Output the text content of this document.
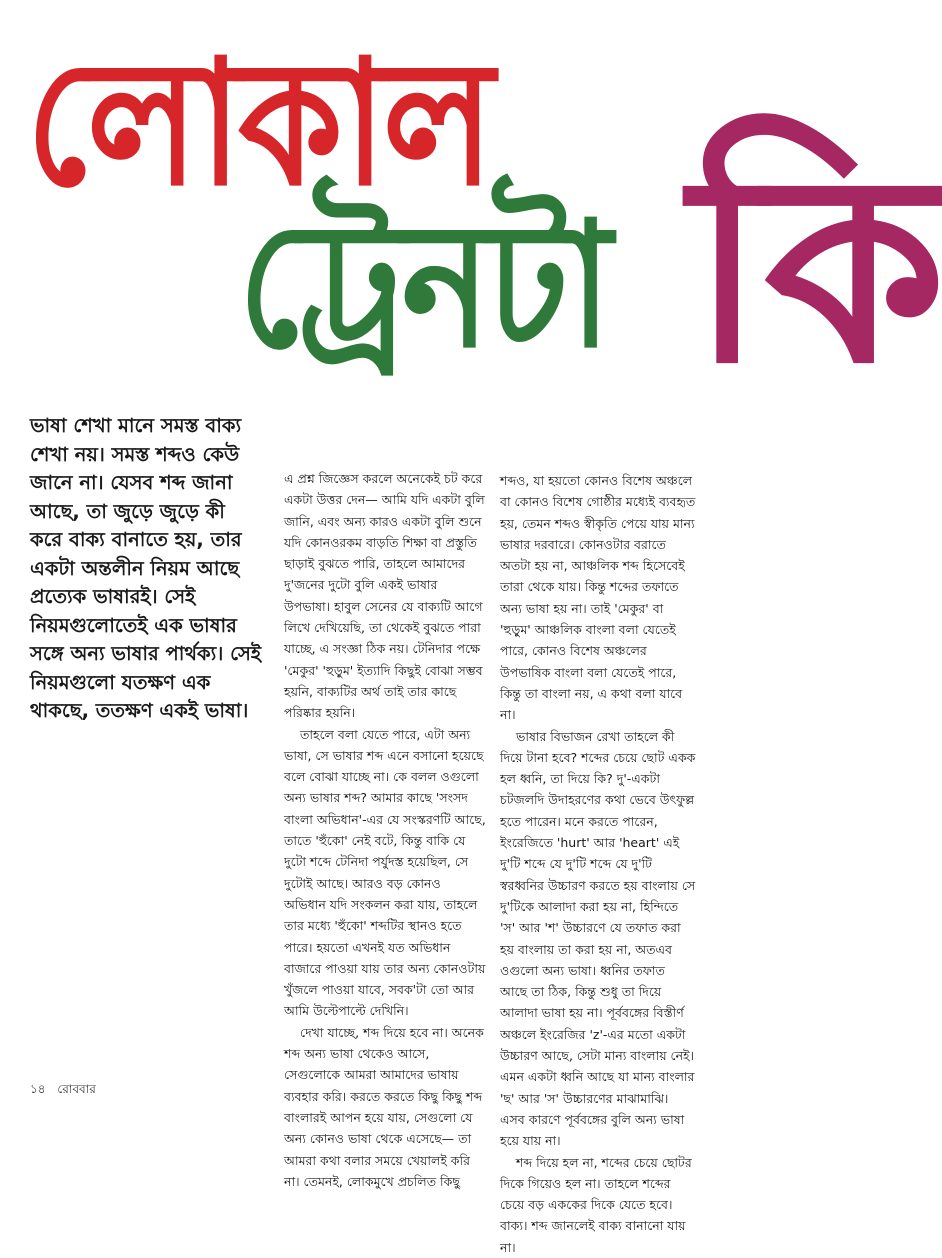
লোকাল
ট্রেনটা কি
ভাষা শেখা মানে সমস্ত বাক্য শেখা নয়। সমস্ত শব্দও কেউ জানে না। যেসব শব্দ জানা আছে, তা জুড়ে জুড়ে কী করে বাক্য বানাতে হয়, তার একটা অন্তলীন নিয়ম আছে প্রত্যেক ভাষারই। সেই নিয়মগুলোতেই এক ভাষার সঙ্গে অন্য ভাষার পার্থক্য। সেই নিয়মগুলো যতক্ষণ এক থাকছে, ততক্ষণ একই ভাষা।

এ প্রশ্ন জিজ্ঞেস করলে অনেকেই চট করে একটা উত্তর দেন— আমি যদি একটা বুলি জানি, এবং অন্য কারও একটা বুলি শুনে যদি কোনওরকম বাড়তি শিক্ষা বা প্রস্তুতি ছাড়াই বুঝতে পারি, তাহলে আমাদের দু'জনের দুটো বুলি একই ভাষার উপভাষা। হাবুল সেনের যে বাক্যটি আগে লিখে দেখিয়েছি, তা থেকেই বুঝতে পারা যাচ্ছে, এ সংজ্ঞা ঠিক নয়। টেনিদার পক্ষে 'মেকুর' 'হুড়ুম' ইত্যাদি কিছুই বোঝা সম্ভব হয়নি, বাক্যটির অর্থ তাই তার কাছে পরিষ্কার হয়নি।

তাহলে বলা যেতে পারে, এটা অন্য ভাষা, সে ভাষার শব্দ এনে বসানো হয়েছে বলে বোঝা যাচ্ছে না। কে বলল ওগুলো অন্য ভাষার শব্দ? আমার কাছে 'সংসদ বাংলা অভিধান'-এর যে সংস্করণটি আছে, তাতে 'হুঁকো' নেই বটে, কিন্তু বাকি যে দুটো শব্দে টেনিদা পর্যুদস্ত হয়েছিল, সে দুটোই আছে। আরও বড় কোনও অভিধান যদি সংকলন করা যায়, তাহলে তার মধ্যে 'হুঁকো' শব্দটির স্থানও হতে পারে। হয়তো এখনই যত অভিধান বাজারে পাওয়া যায় তার অন্য কোনওটায় খুঁজলে পাওয়া যাবে, সবক'টা তো আর আমি উল্টেপাল্টে দেখিনি।

দেখা যাচ্ছে, শব্দ দিয়ে হবে না। অনেক শব্দ অন্য ভাষা থেকেও আসে, সেগুলোকে আমরা আমাদের ভাষায় ব্যবহার করি। করতে করতে কিছু কিছু শব্দ বাংলারই আপন হয়ে যায়, সেগুলো যে অন্য কোনও ভাষা থেকে এসেছে— তা আমরা কথা বলার সময়ে খেয়ালই করি না। তেমনই, লোকমুখে প্রচলিত কিছু

শব্দও, যা হয়তো কোনও বিশেষ অঞ্চলে বা কোনও বিশেষ গোষ্ঠীর মধ্যেই ব্যবহৃত হয়, তেমন শব্দও স্বীকৃতি পেয়ে যায় মান্য ভাষার দরবারে। কোনওটার বরাতে অতটা হয় না, আঞ্চলিক শব্দ হিসেবেই তারা থেকে যায়। কিন্তু শব্দের তফাতে অন্য ভাষা হয় না। তাই 'মেকুর' বা 'হুড়ুম' আঞ্চলিক বাংলা বলা যেতেই পারে, কোনও বিশেষ অঞ্চলের উপভাষিক বাংলা বলা যেতেই পারে, কিন্তু তা বাংলা নয়, এ কথা বলা যাবে না।

ভাষার বিভাজন রেখা তাহলে কী দিয়ে টানা হবে? শব্দের চেয়ে ছোট একক হল ধ্বনি, তা দিয়ে কি? দু'-একটা চটজলদি উদাহরণের কথা ভেবে উৎফুল্ল হতে পারেন। মনে করতে পারেন, ইংরেজিতে 'hurt' আর 'heart' এই দু'টি শব্দে যে দু'টি শব্দে যে দু'টি স্বরধ্বনির উচ্চারণ করতে হয় বাংলায় সে দু'টিকে আলাদা করা হয় না, হিন্দিতে 'স' আর 'শ' উচ্চারণে যে তফাত করা হয় বাংলায় তা করা হয় না, অতএব ওগুলো অন্য ভাষা। ধ্বনির তফাত আছে তা ঠিক, কিন্তু শুধু তা দিয়ে আলাদা ভাষা হয় না। পূর্ববঙ্গের বিস্তীর্ণ অঞ্চলে ইংরেজির 'z'-এর মতো একটা উচ্চারণ আছে, সেটা মান্য বাংলায় নেই। এমন একটা ধ্বনি আছে যা মান্য বাংলার 'ছ' আর 'স' উচ্চারণের মাঝামাঝি। এসব কারণে পূর্ববঙ্গের বুলি অন্য ভাষা হয়ে যায় না।

শব্দ দিয়ে হল না, শব্দের চেয়ে ছোটর দিকে গিয়েও হল না। তাহলে শব্দের চেয়ে বড় এককের দিকে যেতে হবে। বাক্য। শব্দ জানলেই বাক্য বানানো যায় না।

১৪ রোববার
